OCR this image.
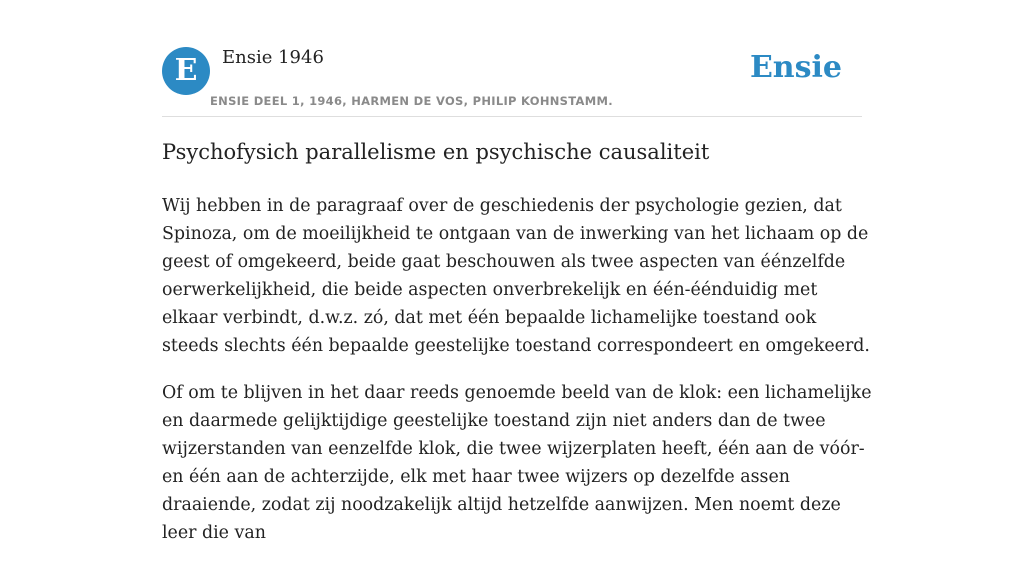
E	Ensie 1946
ENSIE DEEL 1, 1946, HARMEN DE VOS, PHILIP KOHNSTAMM.
Ensie
Psychofysich parallelisme en psychische causaliteit

Wij hebben in de paragraaf over de geschiedenis der psychologie gezien, dat Spinoza, om de moeilijkheid te ontgaan van de inwerking van het lichaam op de geest of omgekeerd, beide gaat beschouwen als twee aspecten van éénzelfde oerwerkelijkheid, die beide aspecten onverbrekelijk en één-éénduidig met elkaar verbindt, d.w.z. zó, dat met één bepaalde lichamelijke toestand ook steeds slechts één bepaalde geestelijke toestand correspondeert en omgekeerd.

Of om te blijven in het daar reeds genoemde beeld van de klok: een lichamelijke en daarmede gelijktijdige geestelijke toestand zijn niet anders dan de twee wijzerstanden van eenzelfde klok, die twee wijzerplaten heeft, één aan de vóór- en één aan de achterzijde, elk met haar twee wijzers op dezelfde assen draaiende, zodat zij noodzakelijk altijd hetzelfde aanwijzen. Men noemt deze leer die van
